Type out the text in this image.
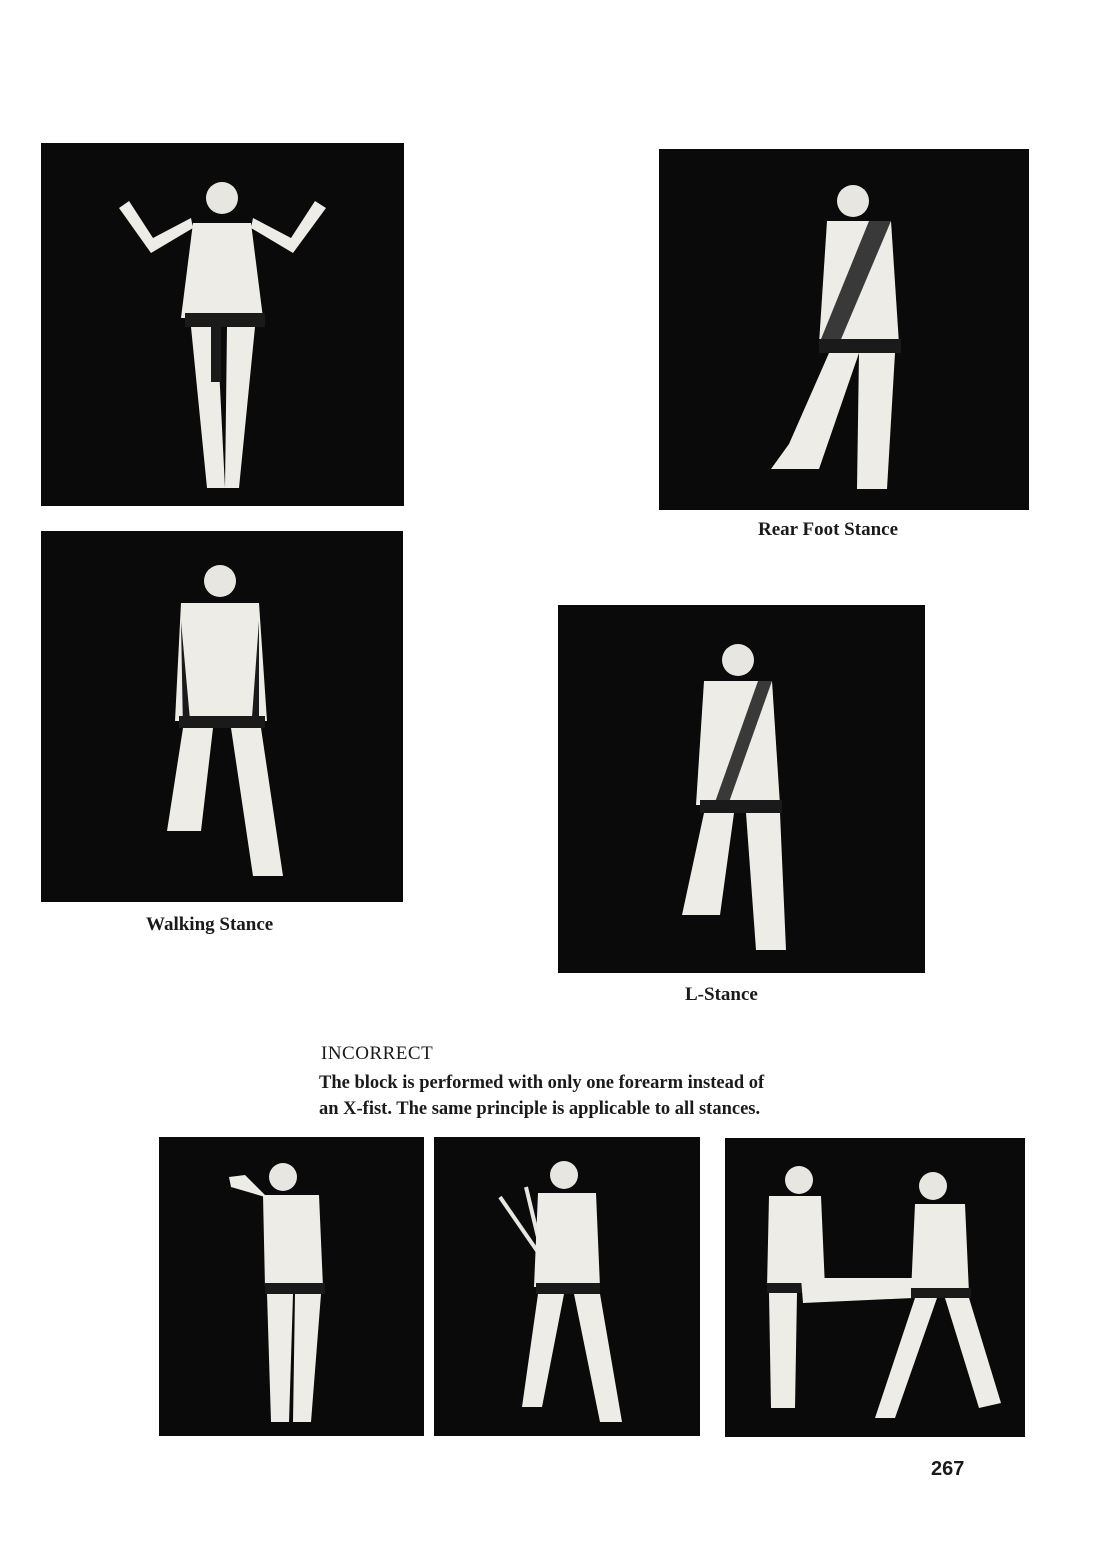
Rear Foot Stance
Walking Stance
L-Stance
INCORRECT
The block is performed with only one forearm instead of
an X-fist. The same principle is applicable to all stances.
267
